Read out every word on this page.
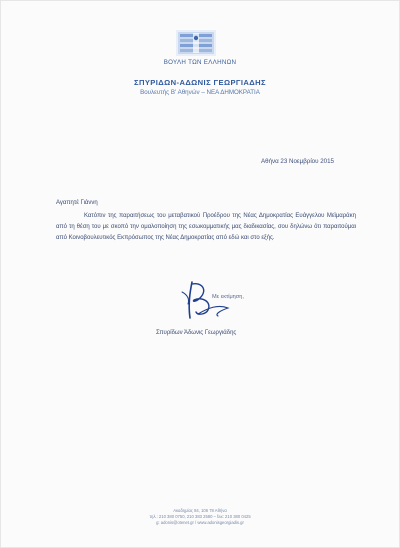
ΒΟΥΛΗ ΤΩΝ ΕΛΛΗΝΩΝ
ΣΠΥΡΙΔΩΝ-ΑΔΩΝΙΣ ΓΕΩΡΓΙΑΔΗΣ
Βουλευτής Β' Αθηνών – ΝΕΑ ΔΗΜΟΚΡΑΤΙΑ
Αθήνα 23 Νοεμβρίου 2015
Αγαπητέ Γιάννη
Κατόπιν της παραιτήσεως του μεταβατικού Προέδρου της Νέας Δημοκρατίας Ευάγγελου Μεϊμαράκη από τη θέση του με σκοπό την ομαλοποίηση της εσωκομματικής μας διαδικασίας, σου δηλώνω ότι παραιτούμαι από Κοινοβουλευτικός Εκπρόσωπος της Νέας Δημοκρατίας από εδώ και στο εξής.
Με εκτίμηση,
Σπυρίδων Άδωνις Γεωργιάδης
Ακαδημίας 84, 106 78 Αθήνα
τηλ.: 210 380 0750, 210 383 2580 – fax: 210 380 0425
g: adonis@otenet.gr / www.adonisgeorgiadis.gr
